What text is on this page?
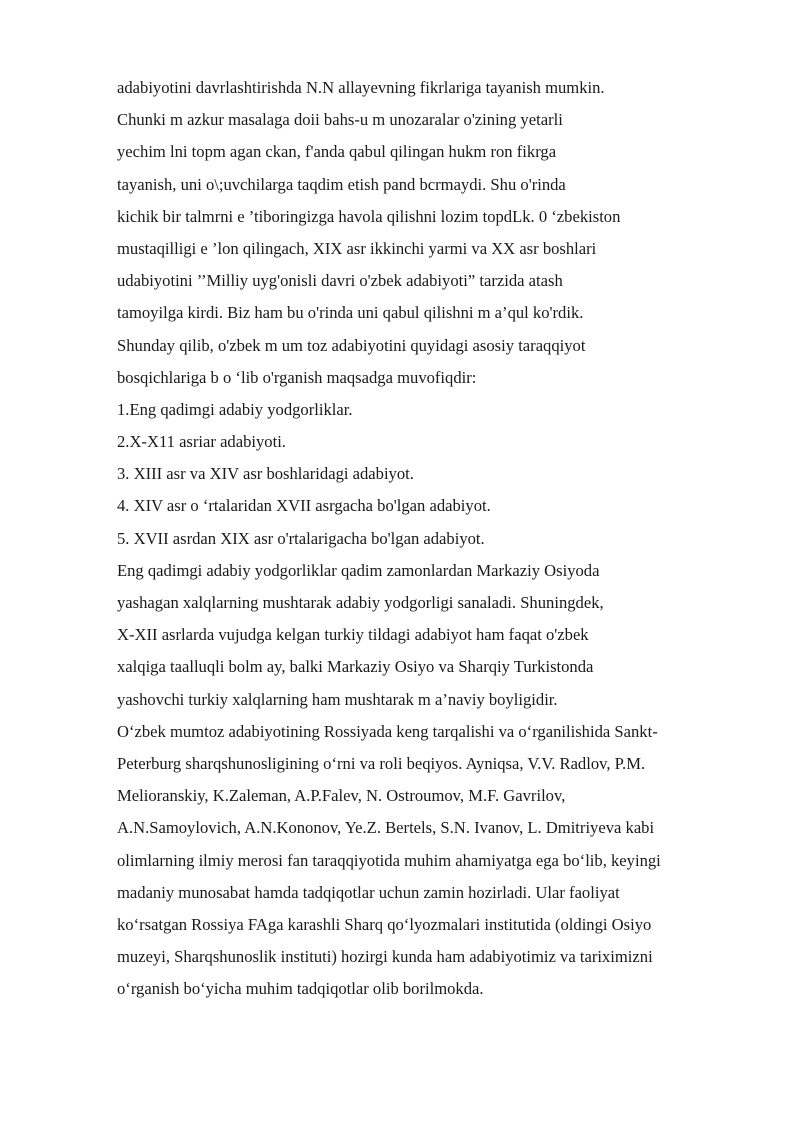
adabiyotini davrlashtirishda N.N allayevning fikrlariga tayanish mumkin.
Chunki m azkur masalaga doii bahs-u m unozaralar o'zining yetarli
yechim lni topm agan ckan, f'anda qabul qilingan hukm ron fikrga
tayanish, uni o\;uvchilarga taqdim etish pand bcrmaydi. Shu o'rinda
kichik bir talmrni e ’tiboringizga havola qilishni lozim topdLk. 0 ‘zbekiston
mustaqilligi e ’lon qilingach, XIX asr ikkinchi yarmi va XX asr boshlari
udabiyotini ’’Milliy uyg'onisli davri o'zbek adabiyoti” tarzida atash
tamoyilga kirdi. Biz ham bu o'rinda uni qabul qilishni m a’qul ko'rdik.
Shunday qilib, o'zbek m um toz adabiyotini quyidagi asosiy taraqqiyot
bosqichlariga b o ‘lib o'rganish maqsadga muvofiqdir:
1.Eng qadimgi adabiy yodgorliklar.
2.X-X11 asriar adabiyoti.
3. XIII asr va XIV asr boshlaridagi adabiyot.
4. XIV asr o ‘rtalaridan XVII asrgacha bo'lgan adabiyot.
5. XVII asrdan XIX asr o'rtalarigacha bo'lgan adabiyot.
Eng qadimgi adabiy yodgorliklar qadim zamonlardan Markaziy Osiyoda
yashagan xalqlarning mushtarak adabiy yodgorligi sanaladi. Shuningdek,
X-XII asrlarda vujudga kelgan turkiy tildagi adabiyot ham faqat o'zbek
xalqiga taalluqli bolm ay, balki Markaziy Osiyo va Sharqiy Turkistonda
yashovchi turkiy xalqlarning ham mushtarak m a’naviy boyligidir.
O‘zbek mumtoz adabiyotining Rossiyada keng tarqalishi va o‘rganilishida Sankt-
Peterburg sharqshunosligining o‘rni va roli beqiyos. Ayniqsa, V.V. Radlov, P.M.
Melioranskiy, K.Zaleman, A.P.Falev, N. Ostroumov, M.F. Gavrilov,
A.N.Samoylovich, A.N.Kononov, Ye.Z. Bertels, S.N. Ivanov, L. Dmitriyeva kabi
olimlarning ilmiy merosi fan taraqqiyotida muhim ahamiyatga ega bo‘lib, keyingi
madaniy munosabat hamda tadqiqotlar uchun zamin hozirladi. Ular faoliyat
ko‘rsatgan Rossiya FAga karashli Sharq qo‘lyozmalari institutida (oldingi Osiyo
muzeyi, Sharqshunoslik instituti) hozirgi kunda ham adabiyotimiz va tariximizni
o‘rganish bo‘yicha muhim tadqiqotlar olib borilmokda.
